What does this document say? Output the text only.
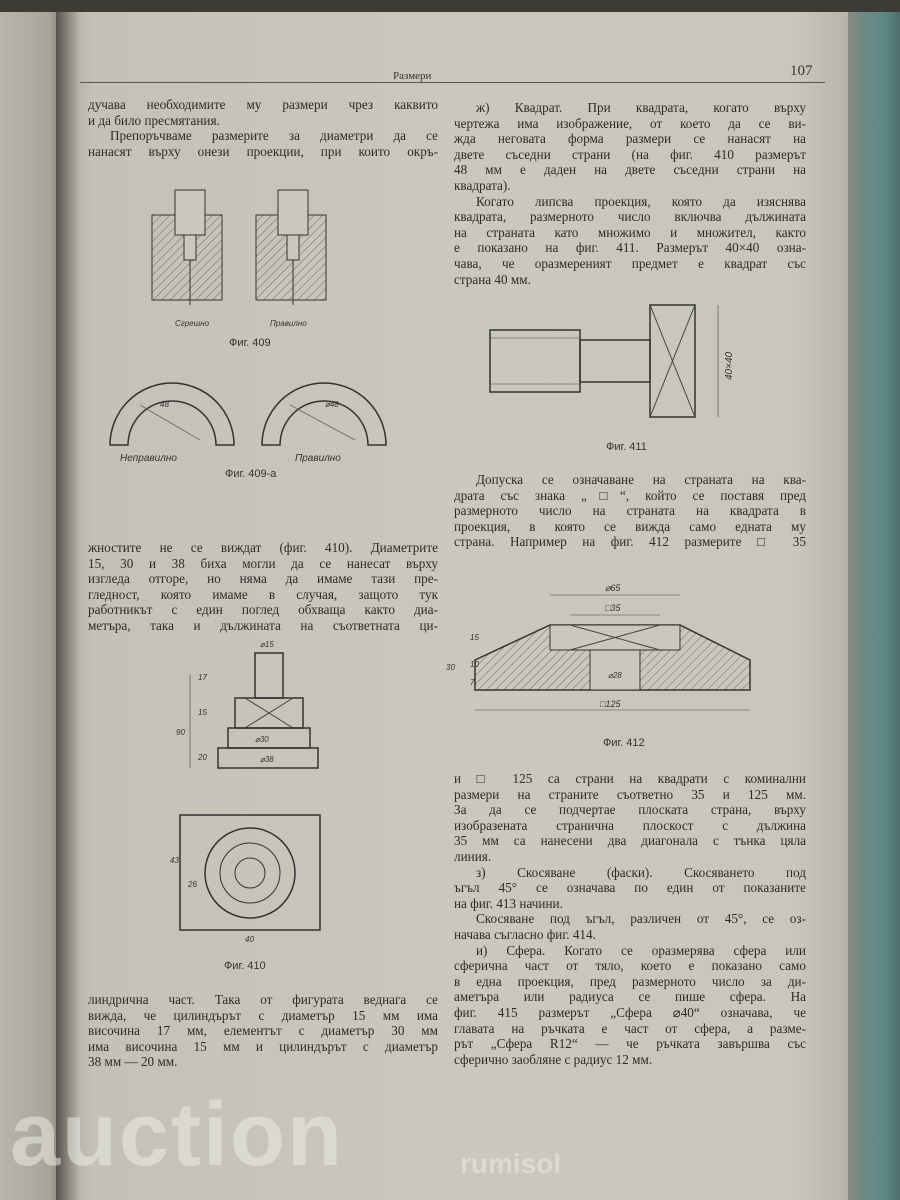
Размери	107
дучава необходимите му размери чрез каквито
и да било пресмятания.
Препоръчваме размерите за диаметри да се
нанасят върху онези проекции, при които окръ-
Cгрешно	Правилно
Фиг. 409
48	⌀48
Неправилно	Правилно
Фиг. 409-а
жностите не се виждат (фиг. 410). Диаметрите
15, 30 и 38 биха могли да се нанесат върху
изгледа отгоре, но няма да имаме тази пре-
гледност, която имаме в случая, защото тук
работникът с един поглед обхваща както диа-
метъра, така и дължината на съответната ци-
⌀15
17
15
90
⌀30
⌀38
20
43
26
40
Фиг. 410
линдрична част. Така от фигурата веднага се
вижда, че цилиндърът с диаметър 15 мм има
височина 17 мм, елементът с диаметър 30 мм
има височина 15 мм и цилиндърът с диаметър
38 мм — 20 мм.
ж) Квадрат. При квадрата, когато върху
чертежа има изображение, от което да се ви-
жда неговата форма размери се нанасят на
двете съседни страни (на фиг. 410 размерът
48 мм е даден на двете съседни страни на
квадрата).
Когато липсва проекция, която да изяснява
квадрата, размерното число включва дължината
на страната като множимо и множител, както
е показано на фиг. 411. Размерът 40×40 озна-
чава, че оразмереният предмет е квадрат със
страна 40 мм.
40×40
Фиг. 411
Допуска се означаване на страната на ква-
драта със знака „□“, който се поставя пред
размерното число на страната на квадрата в
проекция, в която се вижда само едната му
страна. Например на фиг. 412 размерите □ 35
⌀65
□35
15
30 10
7
⌀28
□125
Фиг. 412
и □ 125 са страни на квадрати с коминални
размери на страните съответно 35 и 125 мм.
За да се подчертае плоската страна, върху
изобразената странична плоскост с дължина
35 мм са нанесени два диагонала с тънка цяла
линия.
з) Скосяване (фаски). Скосяването под
ъгъл 45° се означава по един от показаните
на фиг. 413 начини.
Скосяване под ъгъл, различен от 45°, се оз-
начава съгласно фиг. 414.
и) Сфера. Когато се оразмерява сфера или
сферична част от тяло, което е показано само
в една проекция, пред размерното число за ди-
аметъра или радиуса се пише сфера. На
фиг. 415 размерът „Сфера ⌀40“ означава, че
главата на ръчката е част от сфера, а разме-
рът „Сфера R12“ — че ръчката завършва със
сферично заобляне с радиус 12 мм.
auction	rumisol
